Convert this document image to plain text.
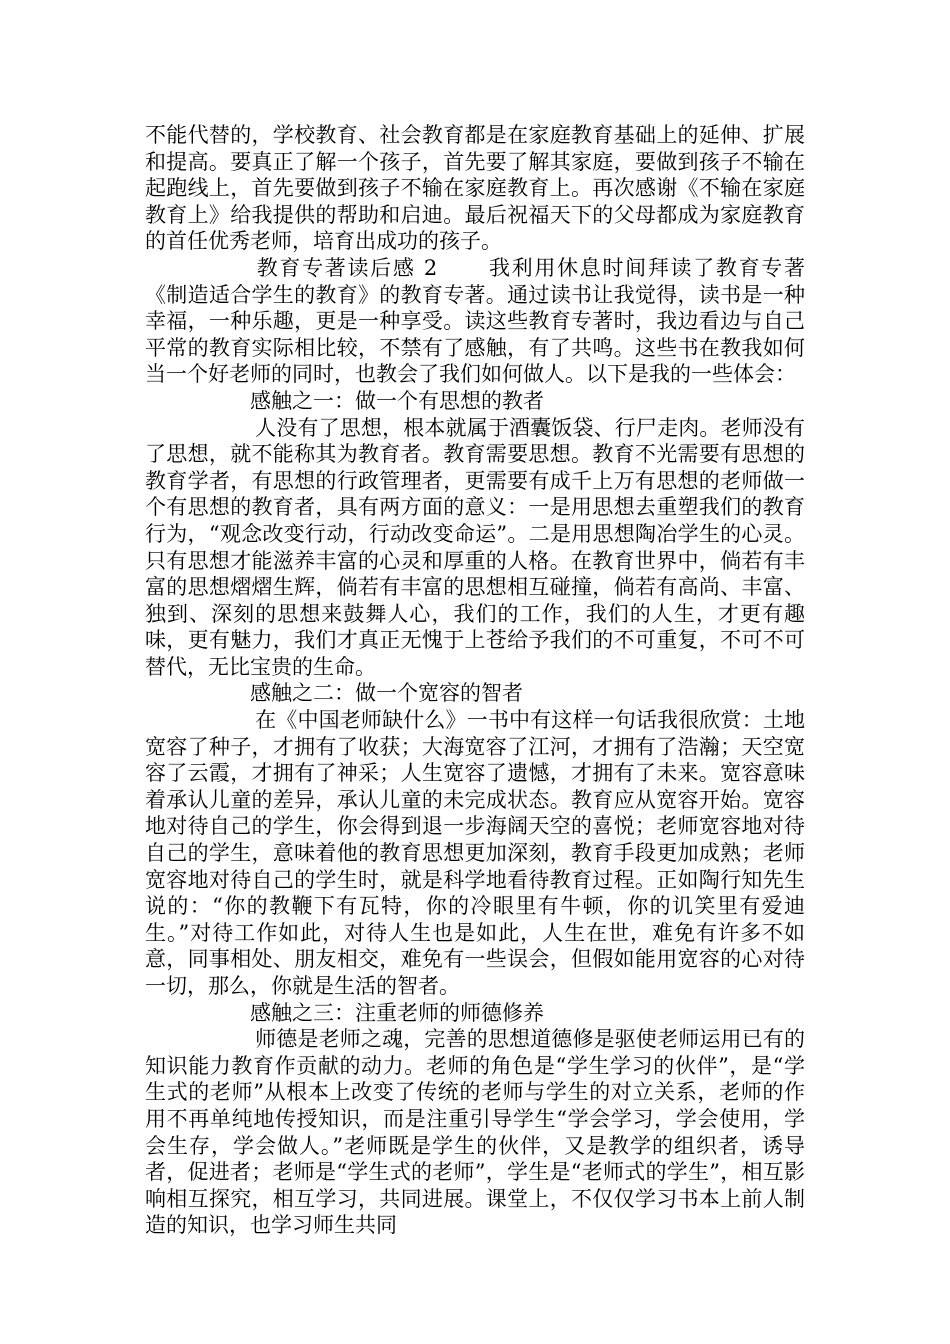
不能代替的，学校教育、社会教育都是在家庭教育基础上的延伸、扩展和提高。要真正了解一个孩子，首先要了解其家庭，要做到孩子不输在起跑线上，首先要做到孩子不输在家庭教育上。再次感谢《不输在家庭教育上》给我提供的帮助和启迪。最后祝福天下的父母都成为家庭教育的首任优秀老师，培育出成功的孩子。

教育专著读后感 2 我利用休息时间拜读了教育专著《制造适合学生的教育》的教育专著。通过读书让我觉得，读书是一种幸福，一种乐趣，更是一种享受。读这些教育专著时，我边看边与自己平常的教育实际相比较，不禁有了感触，有了共鸣。这些书在教我如何当一个好老师的同时，也教会了我们如何做人。以下是我的一些体会：

感触之一：做一个有思想的教者

人没有了思想，根本就属于酒囊饭袋、行尸走肉。老师没有了思想，就不能称其为教育者。教育需要思想。教育不光需要有思想的教育学者，有思想的行政管理者，更需要有成千上万有思想的老师做一个有思想的教育者，具有两方面的意义：一是用思想去重塑我们的教育行为，“观念改变行动，行动改变命运”。二是用思想陶冶学生的心灵。只有思想才能滋养丰富的心灵和厚重的人格。在教育世界中，倘若有丰富的思想熠熠生辉，倘若有丰富的思想相互碰撞，倘若有高尚、丰富、独到、深刻的思想来鼓舞人心，我们的工作，我们的人生，才更有趣味，更有魅力，我们才真正无愧于上苍给予我们的不可重复，不可不可替代，无比宝贵的生命。

感触之二：做一个宽容的智者

在《中国老师缺什么》一书中有这样一句话我很欣赏：土地宽容了种子，才拥有了收获；大海宽容了江河，才拥有了浩瀚；天空宽容了云霞，才拥有了神采；人生宽容了遗憾，才拥有了未来。宽容意味着承认儿童的差异，承认儿童的未完成状态。教育应从宽容开始。宽容地对待自己的学生，你会得到退一步海阔天空的喜悦；老师宽容地对待自己的学生，意味着他的教育思想更加深刻，教育手段更加成熟；老师宽容地对待自己的学生时，就是科学地看待教育过程。正如陶行知先生说的：“你的教鞭下有瓦特，你的冷眼里有牛顿，你的讥笑里有爱迪生。”对待工作如此，对待人生也是如此，人生在世，难免有许多不如意，同事相处、朋友相交，难免有一些误会，但假如能用宽容的心对待一切，那么，你就是生活的智者。

感触之三：注重老师的师德修养

师德是老师之魂，完善的思想道德修是驱使老师运用已有的知识能力教育作贡献的动力。老师的角色是“学生学习的伙伴”，是“学生式的老师”从根本上改变了传统的老师与学生的对立关系，老师的作用不再单纯地传授知识，而是注重引导学生“学会学习，学会使用，学会生存，学会做人。”老师既是学生的伙伴，又是教学的组织者，诱导者，促进者；老师是“学生式的老师”，学生是“老师式的学生”，相互影响相互探究，相互学习，共同进展。课堂上，不仅仅学习书本上前人制造的知识，也学习师生共同
